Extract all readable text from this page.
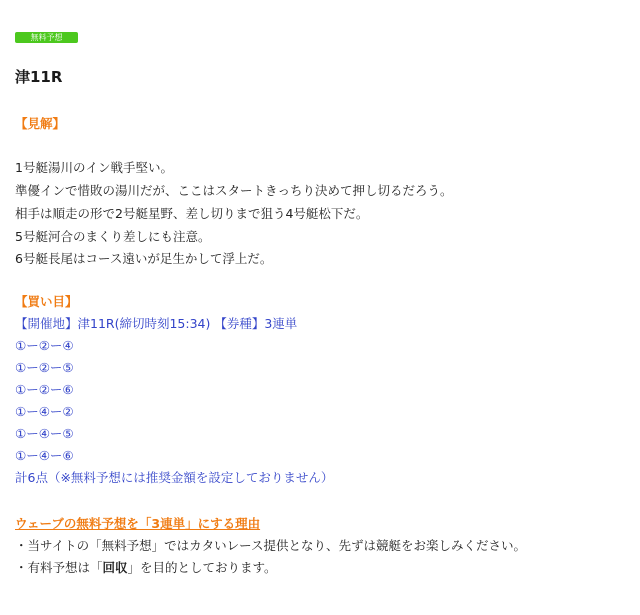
無料予想
津11R
【見解】
1号艇湯川のイン戦手堅い。
準優インで惜敗の湯川だが、ここはスタートきっちり決めて押し切るだろう。
相手は順走の形で2号艇星野、差し切りまで狙う4号艇松下だ。
5号艇河合のまくり差しにも注意。
6号艇長尾はコース遠いが足生かして浮上だ。
【買い目】
【開催地】津11R(締切時刻15:34) 【券種】3連単
①ー②ー④
①ー②ー⑤
①ー②ー⑥
①ー④ー②
①ー④ー⑤
①ー④ー⑥
計6点（※無料予想には推奨金額を設定しておりません）
ウェーブの無料予想を「3連単」にする理由
・当サイトの「無料予想」ではカタいレース提供となり、先ずは競艇をお楽しみください。
・有料予想は「回収」を目的としております。
